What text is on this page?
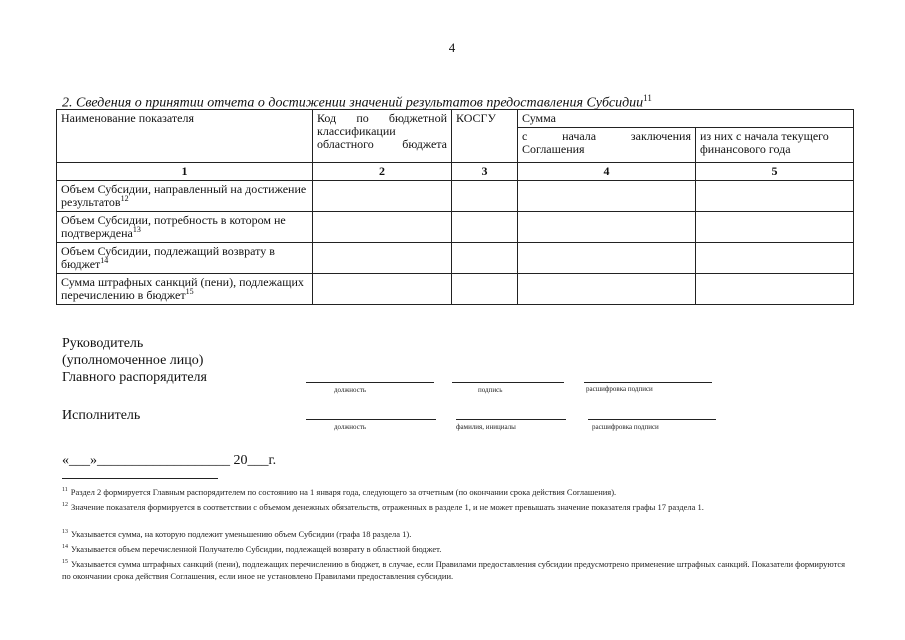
4
2. Сведения о принятии отчета о достижении значений результатов предоставления Субсидии$^{11}$
Наименование показателя	Код по бюджетной классификации областного бюджета	КОСГУ	Сумма	
			с начала заключения Соглашения	из них с начала текущего финансового года
1	2	3	4	5
Объем Субсидии, направленный на достижение результатов$^{12}$				
Объем Субсидии, потребность в котором не подтверждена$^{13}$				
Объем Субсидии, подлежащий возврату в бюджет$^{14}$				
Сумма штрафных санкций (пени), подлежащих перечислению в бюджет$^{15}$				
Руководитель
(уполномоченное лицо)
Главного распорядителя
должность	подпись	расшифровка подписи
Исполнитель
должность	фамилия, инициалы	расшифровка подписи
«___»___________________ 20___г.
$^{11}$ Раздел 2 формируется Главным распорядителем по состоянию на 1 января года, следующего за отчетным (по окончании срока действия Соглашения).
$^{12}$ Значение показателя формируется в соответствии с объемом денежных обязательств, отраженных в разделе 1, и не может превышать значение показателя графы 17 раздела 1.
$^{13}$ Указывается сумма, на которую подлежит уменьшению объем Субсидии (графа 18 раздела 1).
$^{14}$ Указывается объем перечисленной Получателю Субсидии, подлежащей возврату в областной бюджет.
$^{15}$ Указывается сумма штрафных санкций (пени), подлежащих перечислению в бюджет, в случае, если Правилами предоставления субсидии предусмотрено применение штрафных санкций. Показатели формируются по окончании срока действия Соглашения, если иное не установлено Правилами предоставления субсидии.
